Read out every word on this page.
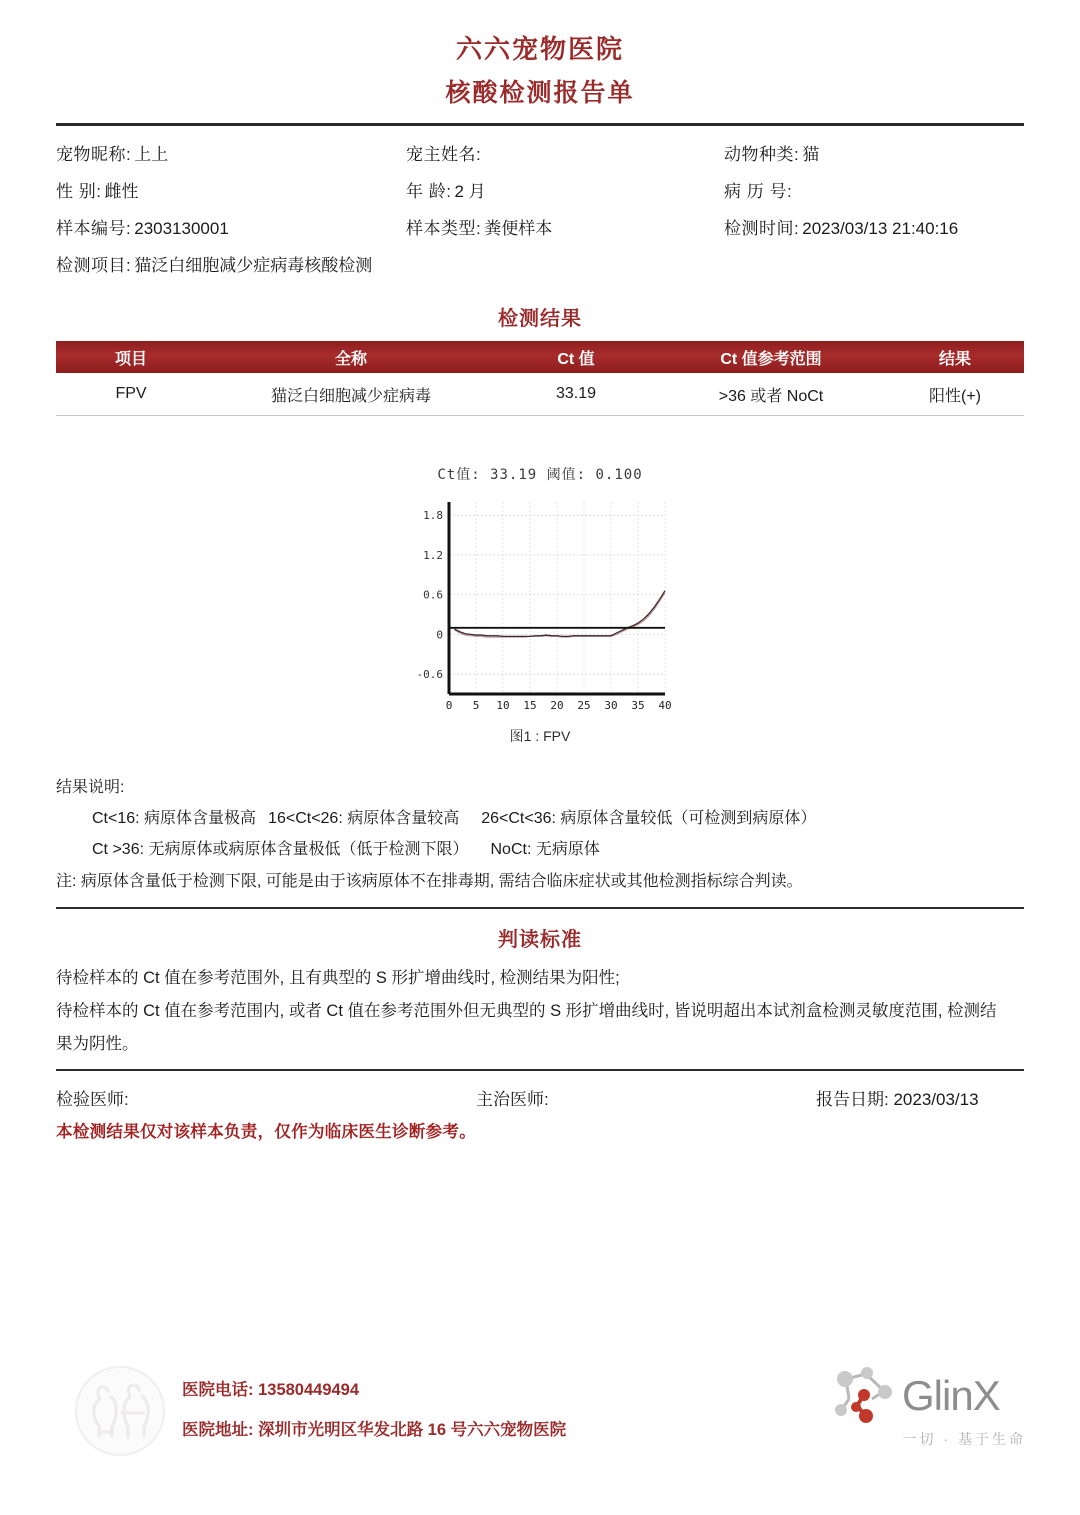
六六宠物医院
核酸检测报告单
宠物昵称: 上上	宠主姓名:	动物种类: 猫
性 别: 雌性	年 龄: 2 月	病 历 号:
样本编号: 2303130001	样本类型: 粪便样本	检测时间: 2023/03/13 21:40:16
检测项目: 猫泛白细胞减少症病毒核酸检测
检测结果
项目	全称	Ct 值	Ct 值参考范围	结果
FPV	猫泛白细胞减少症病毒	33.19	>36 或者 NoCt	阳性(+)
Ct值: 33.19 阈值: 0.100
-0.6
0
0.6
1.2
1.8
0 5 10 15 20 25 30 35 40
图1 : FPV
结果说明:
Ct<16: 病原体含量极高 16<Ct<26: 病原体含量较高 26<Ct<36: 病原体含量较低（可检测到病原体）
Ct >36: 无病原体或病原体含量极低（低于检测下限） NoCt: 无病原体
注: 病原体含量低于检测下限, 可能是由于该病原体不在排毒期, 需结合临床症状或其他检测指标综合判读。
判读标准
待检样本的 Ct 值在参考范围外, 且有典型的 S 形扩增曲线时, 检测结果为阳性;
待检样本的 Ct 值在参考范围内, 或者 Ct 值在参考范围外但无典型的 S 形扩增曲线时, 皆说明超出本试剂盒检测灵敏度范围, 检测结
果为阴性。
检验医师:	主治医师:	报告日期: 2023/03/13
本检测结果仅对该样本负责，仅作为临床医生诊断参考。
医院电话: 13580449494
医院地址: 深圳市光明区华发北路 16 号六六宠物医院
GlinX
一切 · 基于生命
